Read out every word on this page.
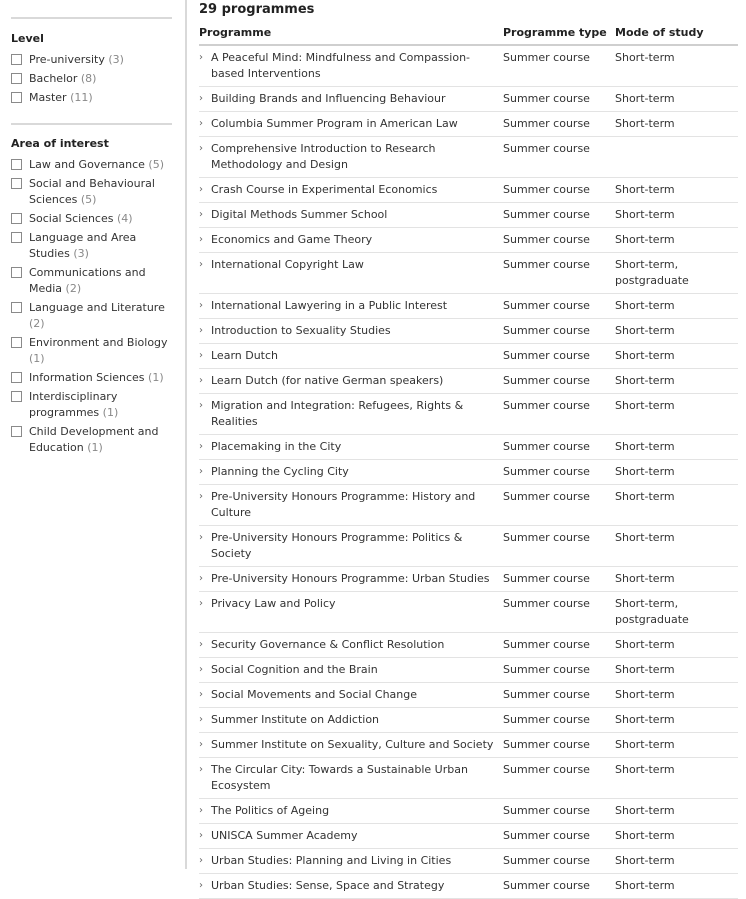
Level
Pre-university (3)
Bachelor (8)
Master (11)
Area of interest
Law and Governance (5)
Social and Behavioural Sciences (5)
Social Sciences (4)
Language and Area Studies (3)
Communications and Media (2)
Language and Literature (2)
Environment and Biology (1)
Information Sciences (1)
Interdisciplinary programmes (1)
Child Development and Education (1)
29 programmes
Programme	Programme type	Mode of study

› A Peaceful Mind: Mindfulness and Compassion-based Interventions	Summer course	Short-term

› Building Brands and Influencing Behaviour	Summer course	Short-term

› Columbia Summer Program in American Law	Summer course	Short-term

› Comprehensive Introduction to Research Methodology and Design	Summer course	

› Crash Course in Experimental Economics	Summer course	Short-term

› Digital Methods Summer School	Summer course	Short-term

› Economics and Game Theory	Summer course	Short-term

› International Copyright Law	Summer course	Short-term, postgraduate

› International Lawyering in a Public Interest	Summer course	Short-term

› Introduction to Sexuality Studies	Summer course	Short-term

› Learn Dutch	Summer course	Short-term

› Learn Dutch (for native German speakers)	Summer course	Short-term

› Migration and Integration: Refugees, Rights & Realities	Summer course	Short-term

› Placemaking in the City	Summer course	Short-term

› Planning the Cycling City	Summer course	Short-term

› Pre-University Honours Programme: History and Culture	Summer course	Short-term

› Pre-University Honours Programme: Politics & Society	Summer course	Short-term

› Pre-University Honours Programme: Urban Studies	Summer course	Short-term

› Privacy Law and Policy	Summer course	Short-term, postgraduate

› Security Governance & Conflict Resolution	Summer course	Short-term

› Social Cognition and the Brain	Summer course	Short-term

› Social Movements and Social Change	Summer course	Short-term

› Summer Institute on Addiction	Summer course	Short-term

› Summer Institute on Sexuality, Culture and Society	Summer course	Short-term

› The Circular City: Towards a Sustainable Urban Ecosystem	Summer course	Short-term

› The Politics of Ageing	Summer course	Short-term

› UNISCA Summer Academy	Summer course	Short-term

› Urban Studies: Planning and Living in Cities	Summer course	Short-term

› Urban Studies: Sense, Space and Strategy	Summer course	Short-term
